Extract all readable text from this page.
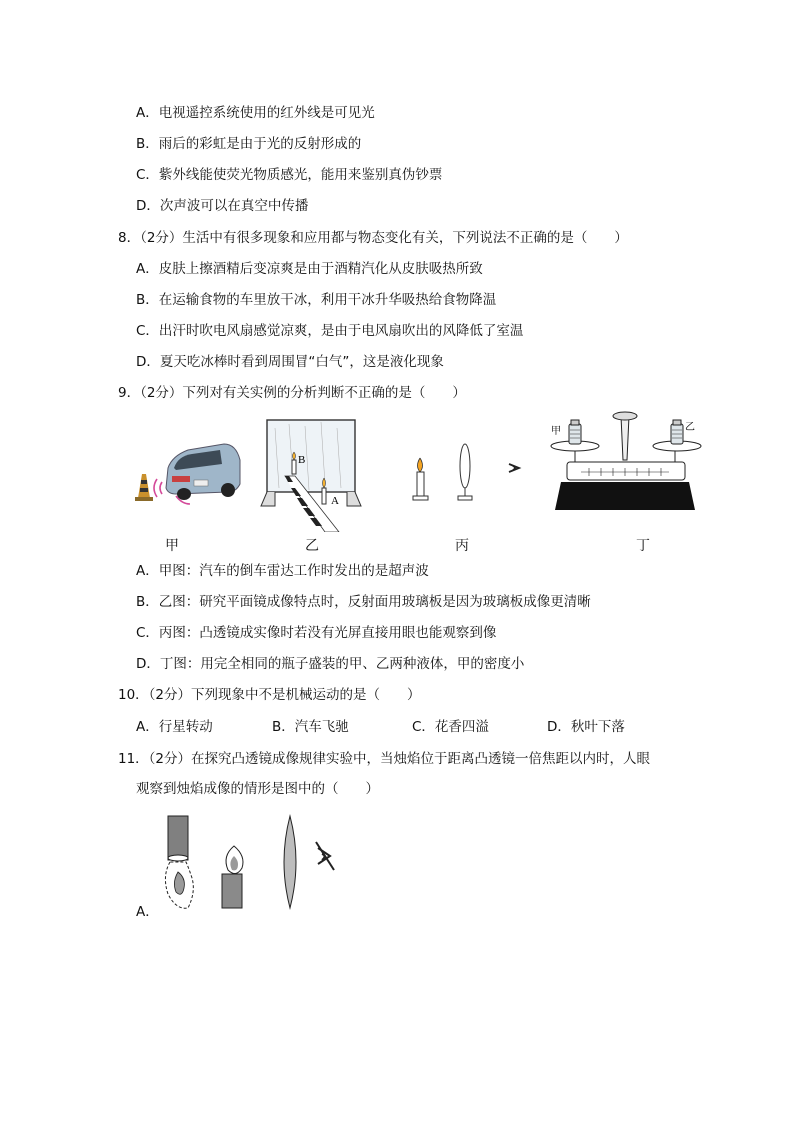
A．电视遥控系统使用的红外线是可见光
B．雨后的彩虹是由于光的反射形成的
C．紫外线能使荧光物质感光，能用来鉴别真伪钞票
D．次声波可以在真空中传播
8．（2分）生活中有很多现象和应用都与物态变化有关，下列说法不正确的是（　　）
A．皮肤上擦酒精后变凉爽是由于酒精汽化从皮肤吸热所致
B．在运输食物的车里放干冰，利用干冰升华吸热给食物降温
C．出汗时吹电风扇感觉凉爽，是由于电风扇吹出的风降低了室温
D．夏天吃冰棒时看到周围冒“白气”，这是液化现象
9．（2分）下列对有关实例的分析判断不正确的是（　　）
甲
B
A
乙	丙
甲	乙
丁
A．甲图：汽车的倒车雷达工作时发出的是超声波
B．乙图：研究平面镜成像特点时，反射面用玻璃板是因为玻璃板成像更清晰
C．丙图：凸透镜成实像时若没有光屏直接用眼也能观察到像
D．丁图：用完全相同的瓶子盛装的甲、乙两种液体，甲的密度小
10．（2分）下列现象中不是机械运动的是（　　）
A．行星转动	B．汽车飞驰	C．花香四溢	D．秋叶下落
11．（2分）在探究凸透镜成像规律实验中，当烛焰位于距离凸透镜一倍焦距以内时，人眼
观察到烛焰成像的情形是图中的（　　）
A．
